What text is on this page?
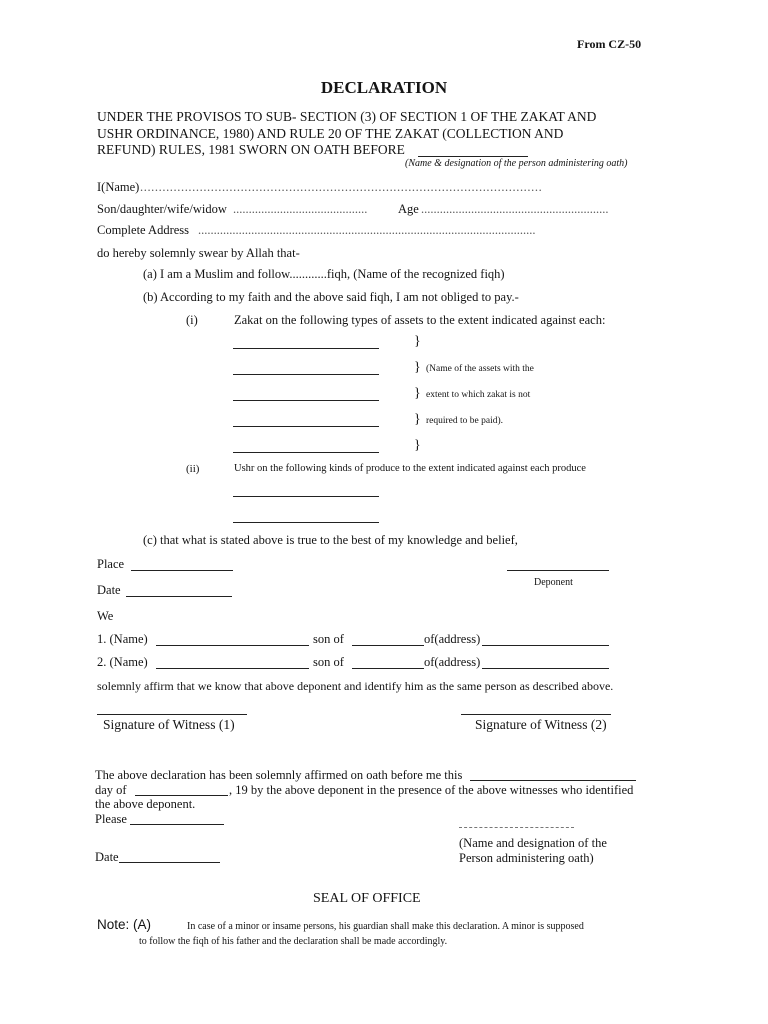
From CZ-50
DECLARATION
UNDER THE PROVISOS TO SUB- SECTION (3) OF SECTION 1 OF THE ZAKAT AND
USHR ORDINANCE, 1980) AND RULE 20 OF THE ZAKAT (COLLECTION AND
REFUND) RULES, 1981 SWORN ON OATH BEFORE
(Name & designation of the person administering oath)
I(Name) ............................................................................................................
Son/daughter/wife/widow ........................................... Age ............................................................
Complete Address ............................................................................................................
do hereby solemnly swear by Allah that-
(a) I am a Muslim and follow............fiqh, (Name of the recognized fiqh)
(b) According to my faith and the above said fiqh, I am not obliged to pay.-
(i)	Zakat on the following types of assets to the extent indicated against each:
}
}
}
}
}
(Name of the assets with the
extent to which zakat is not
required to be paid).
(ii)	Ushr on the following kinds of produce to the extent indicated against each produce
(c) that what is stated above is true to the best of my knowledge and belief,
Place
Date
Deponent
We
1. (Name)	son of	of(address)
2. (Name)	son of	of(address)
solemnly affirm that we know that above deponent and identify him as the same person as described above.
Signature of Witness (1)	Signature of Witness (2)
The above declaration has been solemnly affirmed on oath before me this
day of	, 19 by the above deponent in the presence of the above witnesses who identified
the above deponent.
Please
(Name and designation of the
Person administering oath)
Date
SEAL OF OFFICE
Note: (A)	In case of a minor or insame persons, his guardian shall make this declaration. A minor is supposed
to follow the fiqh of his father and the declaration shall be made accordingly.
